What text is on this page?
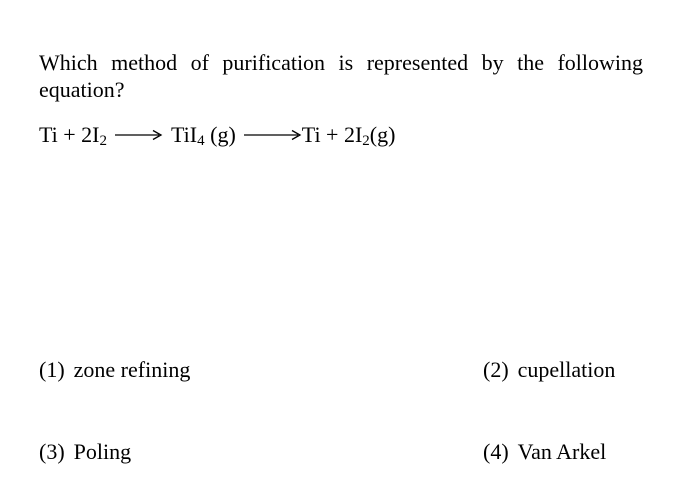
Which method of purification is represented by the following equation?
$Ti + 2I_2 \to TiI_4$ $(g) \to Ti + 2I_2(g)$
(1) zone refining	(2) cupellation
(3) Poling	(4) Van Arkel
